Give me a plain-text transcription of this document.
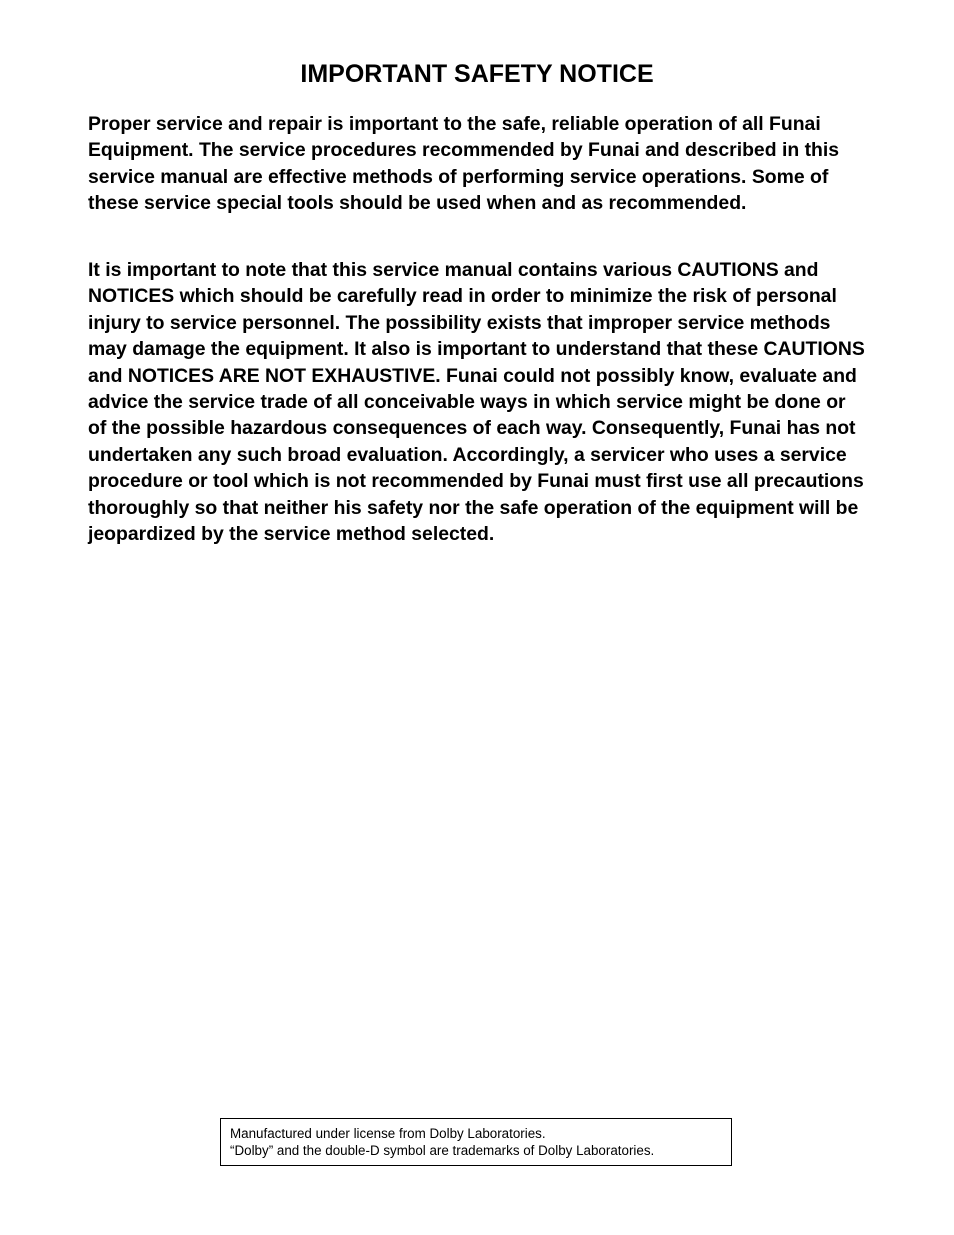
IMPORTANT SAFETY NOTICE

Proper service and repair is important to the safe, reliable operation of all Funai Equipment. The service procedures recommended by Funai and described in this service manual are effective methods of performing service operations. Some of these service special tools should be used when and as recommended.

It is important to note that this service manual contains various CAUTIONS and NOTICES which should be carefully read in order to minimize the risk of personal injury to service personnel. The possibility exists that improper service methods may damage the equipment. It also is important to understand that these CAUTIONS and NOTICES ARE NOT EXHAUSTIVE. Funai could not possibly know, evaluate and advice the service trade of all conceivable ways in which service might be done or of the possible hazardous consequences of each way. Consequently, Funai has not undertaken any such broad evaluation. Accordingly, a servicer who uses a service procedure or tool which is not recommended by Funai must first use all precautions thoroughly so that neither his safety nor the safe operation of the equipment will be jeopardized by the service method selected.

Manufactured under license from Dolby Laboratories.
“Dolby” and the double-D symbol are trademarks of Dolby Laboratories.
